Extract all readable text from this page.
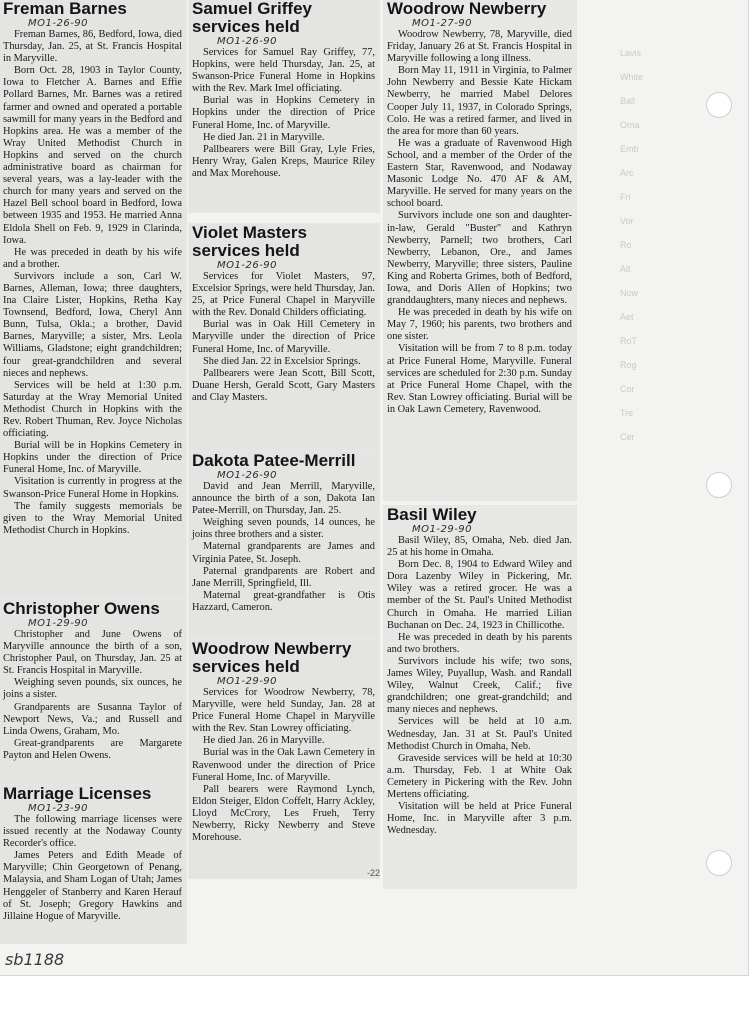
Lavis
White
Ball
Oma
Emb
Arc
Fri
Vor
Ro
Alt
Now
Aet
RoT
Rog
Cor
Tre
Cer
Freman Barnes
MO1-26-90

Freman Barnes, 86, Bedford, Iowa, died Thursday, Jan. 25, at St. Francis Hospital in Maryville.

Born Oct. 28, 1903 in Taylor County, Iowa to Fletcher A. Barnes and Effie Pollard Barnes, Mr. Barnes was a retired farmer and owned and operated a portable sawmill for many years in the Bedford and Hopkins area. He was a member of the Wray United Methodist Church in Hopkins and served on the church administrative board as chairman for several years, was a lay-leader with the church for many years and served on the Hazel Bell school board in Bedford, Iowa between 1935 and 1953. He married Anna Eldola Shell on Feb. 9, 1929 in Clarinda, Iowa.

He was preceded in death by his wife and a brother.

Survivors include a son, Carl W. Barnes, Alleman, Iowa; three daughters, Ina Claire Lister, Hopkins, Retha Kay Townsend, Bedford, Iowa, Cheryl Ann Bunn, Tulsa, Okla.; a brother, David Barnes, Maryville; a sister, Mrs. Leola Williams, Gladstone; eight grandchildren; four great-grandchildren and several nieces and nephews.

Services will be held at 1:30 p.m. Saturday at the Wray Memorial United Methodist Church in Hopkins with the Rev. Robert Thuman, Rev. Joyce Nicholas officiating.

Burial will be in Hopkins Cemetery in Hopkins under the direction of Price Funeral Home, Inc. of Maryville.

Visitation is currently in progress at the Swanson-Price Funeral Home in Hopkins.

The family suggests memorials be given to the Wray Memorial United Methodist Church in Hopkins.

Christopher Owens
MO1-29-90

Christopher and June Owens of Maryville announce the birth of a son, Christopher Paul, on Thursday, Jan. 25 at St. Francis Hospital in Maryville.

Weighing seven pounds, six ounces, he joins a sister.

Grandparents are Susanna Taylor of Newport News, Va.; and Russell and Linda Owens, Graham, Mo.

Great-grandparents are Margarete Payton and Helen Owens.

Marriage Licenses
MO1-23-90

The following marriage licenses were issued recently at the Nodaway County Recorder's office.

James Peters and Edith Meade of Maryville; Chin Georgetown of Penang, Malaysia, and Sham Logan of Utah; James Henggeler of Stanberry and Karen Herauf of St. Joseph; Gregory Hawkins and Jillaine Hogue of Maryville.

Samuel Griffey services held
MO1-26-90

Services for Samuel Ray Griffey, 77, Hopkins, were held Thursday, Jan. 25, at Swanson-Price Funeral Home in Hopkins with the Rev. Mark Imel officiating.

Burial was in Hopkins Cemetery in Hopkins under the direction of Price Funeral Home, Inc. of Maryville.

He died Jan. 21 in Maryville.

Pallbearers were Bill Gray, Lyle Fries, Henry Wray, Galen Kreps, Maurice Riley and Max Morehouse.

Violet Masters services held
MO1-26-90

Services for Violet Masters, 97, Excelsior Springs, were held Thursday, Jan. 25, at Price Funeral Chapel in Maryville with the Rev. Donald Childers officiating.

Burial was in Oak Hill Cemetery in Maryville under the direction of Price Funeral Home, Inc. of Maryville.

She died Jan. 22 in Excelsior Springs.

Pallbearers were Jean Scott, Bill Scott, Duane Hersh, Gerald Scott, Gary Masters and Clay Masters.

Dakota Patee-Merrill
MO1-26-90

David and Jean Merrill, Maryville, announce the birth of a son, Dakota Ian Patee-Merrill, on Thursday, Jan. 25.

Weighing seven pounds, 14 ounces, he joins three brothers and a sister.

Maternal grandparents are James and Virginia Patee, St. Joseph.

Paternal grandparents are Robert and Jane Merrill, Springfield, Ill.

Maternal great-grandfather is Otis Hazzard, Cameron.

Woodrow Newberry services held
MO1-29-90

Services for Woodrow Newberry, 78, Maryville, were held Sunday, Jan. 28 at Price Funeral Home Chapel in Maryville with the Rev. Stan Lowrey officiating.

He died Jan. 26 in Maryville.

Burial was in the Oak Lawn Cemetery in Ravenwood under the direction of Price Funeral Home, Inc. of Maryville.

Pall bearers were Raymond Lynch, Eldon Steiger, Eldon Coffelt, Harry Ackley, Lloyd McCrory, Les Frueh, Terry Newberry, Ricky Newberry and Steve Morehouse.

Woodrow Newberry
MO1-27-90

Woodrow Newberry, 78, Maryville, died Friday, January 26 at St. Francis Hospital in Maryville following a long illness.

Born May 11, 1911 in Virginia, to Palmer John Newberry and Bessie Kate Hickam Newberry, he married Mabel Delores Cooper July 11, 1937, in Colorado Springs, Colo. He was a retired farmer, and lived in the area for more than 60 years.

He was a graduate of Ravenwood High School, and a member of the Order of the Eastern Star, Ravenwood, and Nodaway Masonic Lodge No. 470 AF & AM, Maryville. He served for many years on the school board.

Survivors include one son and daughter-in-law, Gerald "Buster" and Kathryn Newberry, Parnell; two brothers, Carl Newberry, Lebanon, Ore., and James Newberry, Maryville; three sisters, Pauline King and Roberta Grimes, both of Bedford, Iowa, and Doris Allen of Hopkins; two granddaughters, many nieces and nephews.

He was preceded in death by his wife on May 7, 1960; his parents, two brothers and one sister.

Visitation will be from 7 to 8 p.m. today at Price Funeral Home, Maryville. Funeral services are scheduled for 2:30 p.m. Sunday at Price Funeral Home Chapel, with the Rev. Stan Lowrey officiating. Burial will be in Oak Lawn Cemetery, Ravenwood.

Basil Wiley
MO1-29-90

Basil Wiley, 85, Omaha, Neb. died Jan. 25 at his home in Omaha.

Born Dec. 8, 1904 to Edward Wiley and Dora Lazenby Wiley in Pickering, Mr. Wiley was a retired grocer. He was a member of the St. Paul's United Methodist Church in Omaha. He married Lilian Buchanan on Dec. 24, 1923 in Chillicothe.

He was preceded in death by his parents and two brothers.

Survivors include his wife; two sons, James Wiley, Puyallup, Wash. and Randall Wiley, Walnut Creek, Calif.; five grandchildren; one great-grandchild; and many nieces and nephews.

Services will be held at 10 a.m. Wednesday, Jan. 31 at St. Paul's United Methodist Church in Omaha, Neb.

Graveside services will be held at 10:30 a.m. Thursday, Feb. 1 at White Oak Cemetery in Pickering with the Rev. John Mertens officiating.

Visitation will be held at Price Funeral Home, Inc. in Maryville after 3 p.m. Wednesday.

sb1188
-22
